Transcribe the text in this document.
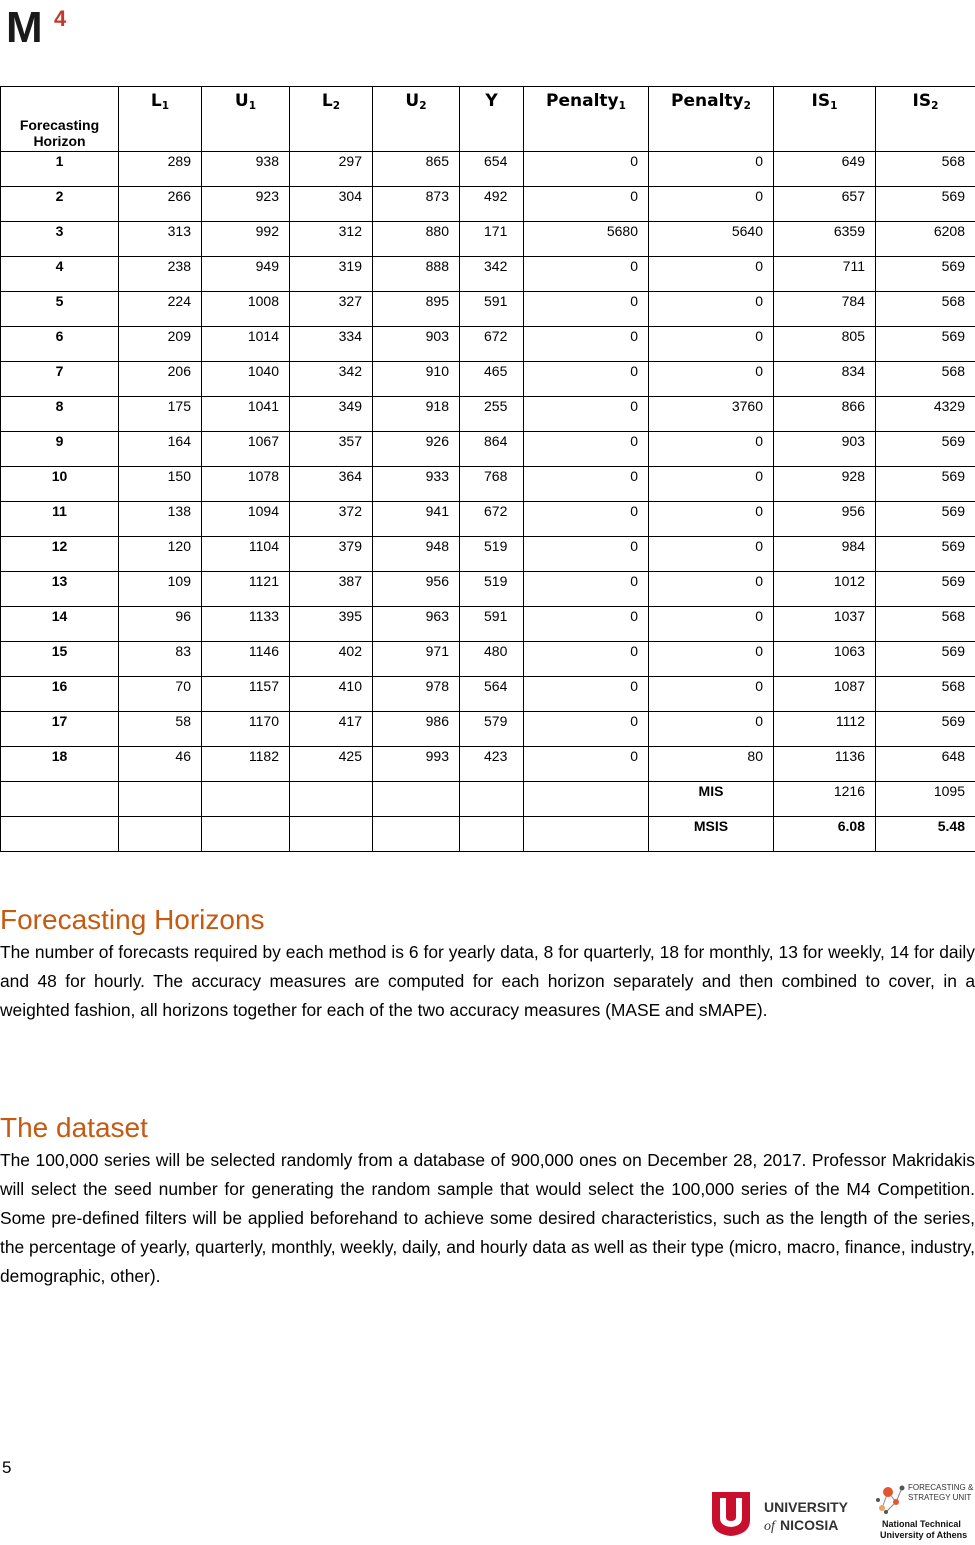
M 4
Forecasting Horizon	$L_1$	$U_1$	$L_2$	$U_2$	Y	Penalty$_1$	Penalty$_2$	$IS_1$	$IS_2$
1	289	938	297	865	654	0	0	649	568
2	266	923	304	873	492	0	0	657	569
3	313	992	312	880	171	5680	5640	6359	6208
4	238	949	319	888	342	0	0	711	569
5	224	1008	327	895	591	0	0	784	568
6	209	1014	334	903	672	0	0	805	569
7	206	1040	342	910	465	0	0	834	568
8	175	1041	349	918	255	0	3760	866	4329
9	164	1067	357	926	864	0	0	903	569
10	150	1078	364	933	768	0	0	928	569
11	138	1094	372	941	672	0	0	956	569
12	120	1104	379	948	519	0	0	984	569
13	109	1121	387	956	519	0	0	1012	569
14	96	1133	395	963	591	0	0	1037	568
15	83	1146	402	971	480	0	0	1063	569
16	70	1157	410	978	564	0	0	1087	568
17	58	1170	417	986	579	0	0	1112	569
18	46	1182	425	993	423	0	80	1136	648
							MIS	1216	1095
							MSIS	6.08	5.48
Forecasting Horizons

The number of forecasts required by each method is 6 for yearly data, 8 for quarterly, 18 for monthly, 13 for weekly, 14 for daily and 48 for hourly. The accuracy measures are computed for each horizon separately and then combined to cover, in a weighted fashion, all horizons together for each of the two accuracy measures (MASE and sMAPE).

The dataset

The 100,000 series will be selected randomly from a database of 900,000 ones on December 28, 2017. Professor Makridakis will select the seed number for generating the random sample that would select the 100,000 series of the M4 Competition. Some pre-defined filters will be applied beforehand to achieve some desired characteristics, such as the length of the series, the percentage of yearly, quarterly, monthly, weekly, daily, and hourly data as well as their type (micro, macro, finance, industry, demographic, other).

5
UNIVERSITY
of NICOSIA
FORECASTING &
STRATEGY UNIT
National Technical
University of Athens
